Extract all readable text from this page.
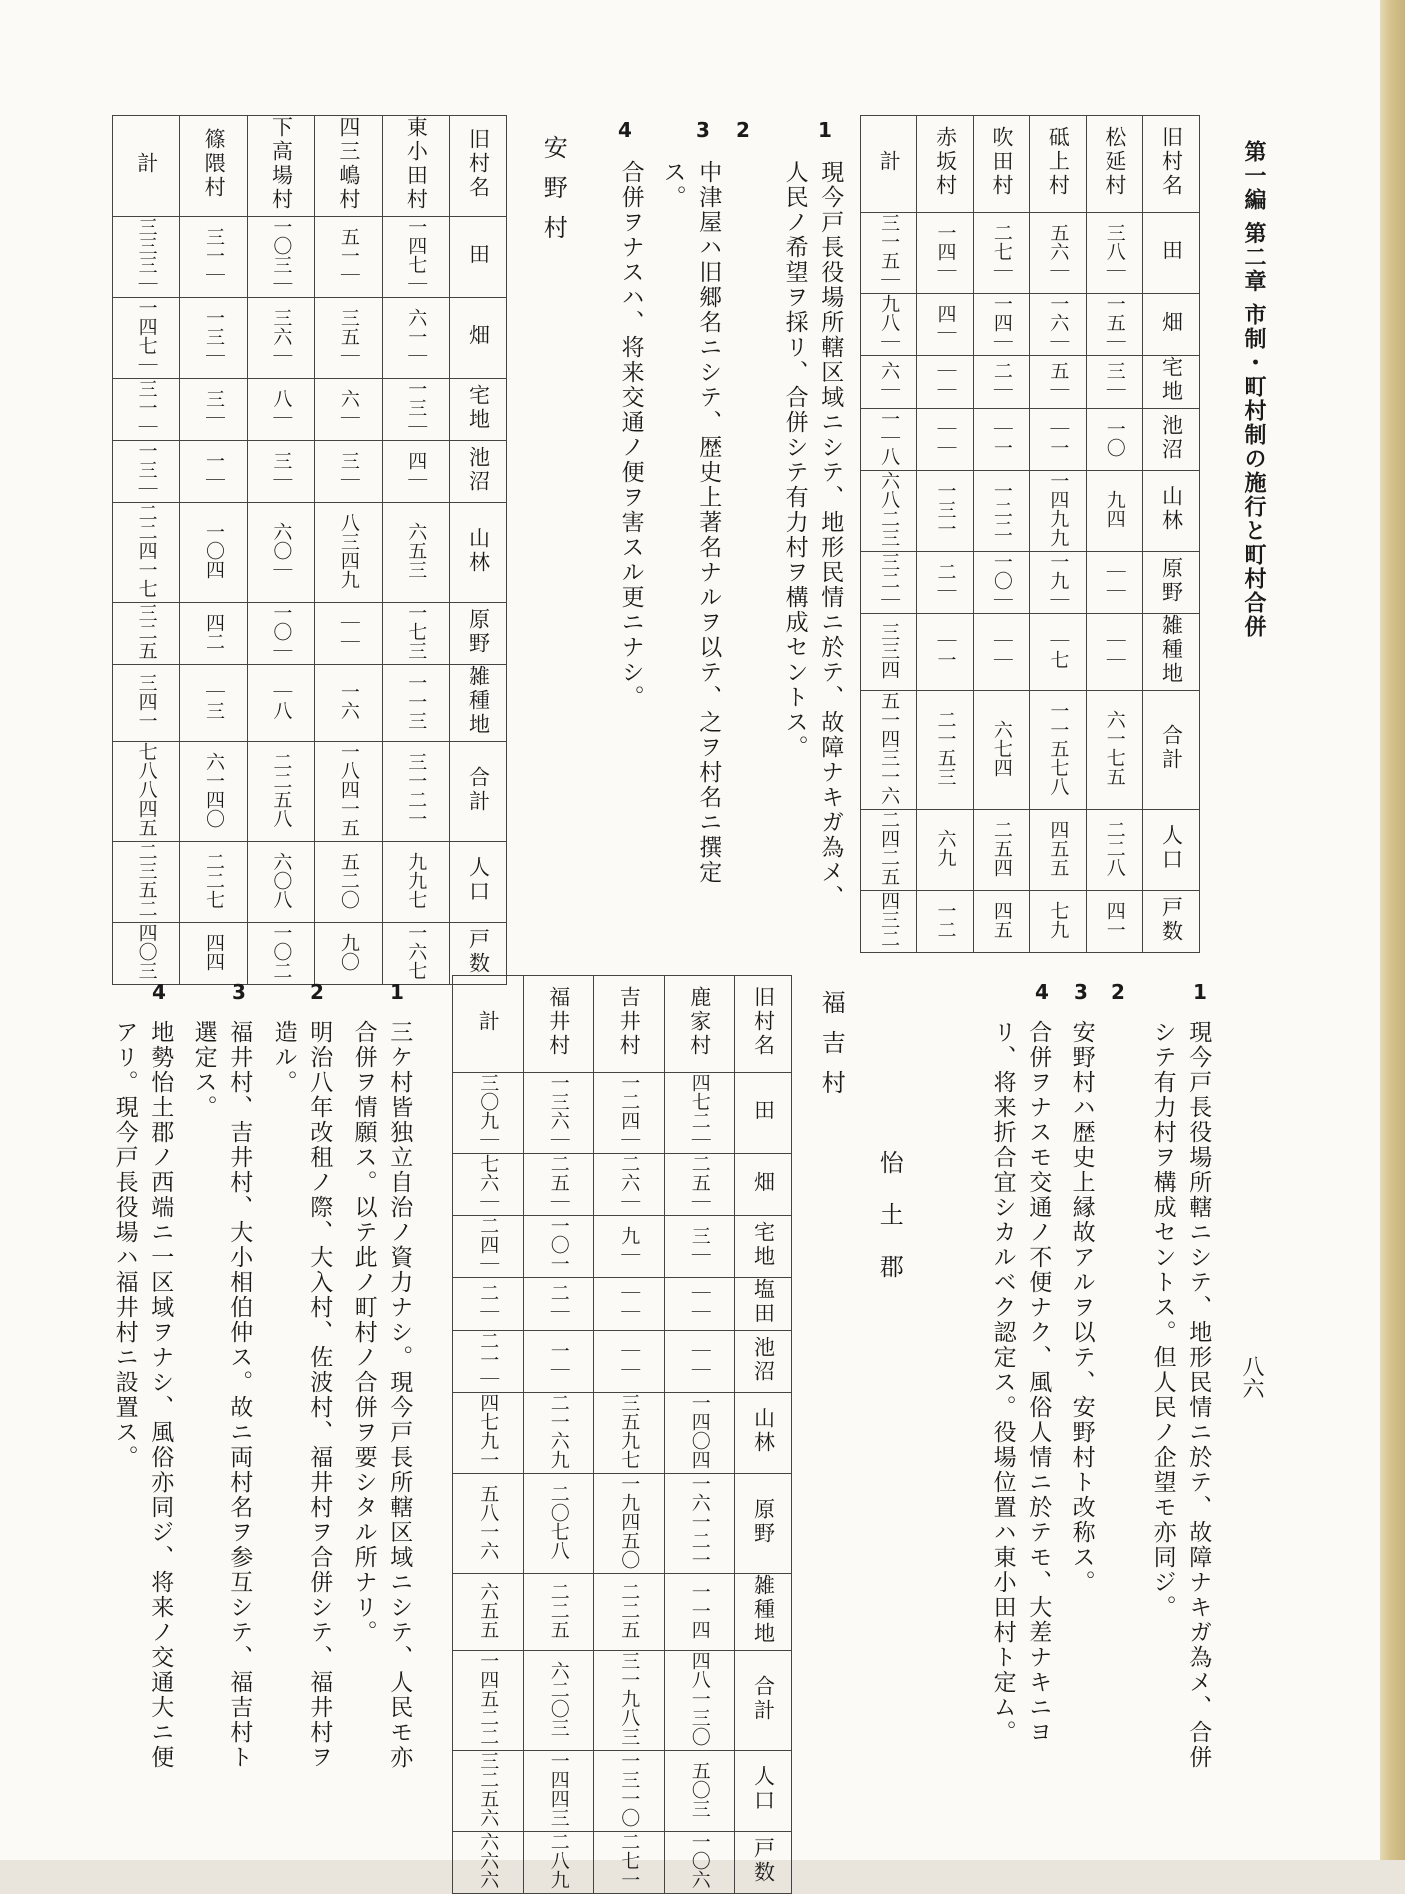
第一編 第二章 市制・町村制の施行と町村合併
八六
計	赤坂村	吹田村	砥上村	松延村	旧村名
三一五｜	一四｜	二七｜	五六｜	三八｜	田
九八｜	四｜	一四｜	一六｜	一五｜	畑
六｜	｜｜	二｜	五｜	三｜	宅地
一｜八	｜｜	｜一	｜一	一〇	池沼
六八二三	一三一	一二二	一四九九	九四	山林
三二｜	二｜	一〇｜	一九｜	｜｜	原野
三三四	｜一	｜｜	｜七	｜｜	雑種地
五一四三一六	二一五三	六七四	一一五七八	六一七五	合計
二四二五	六九	二五四	四五五	二二八	人口
四三二	一二	四五	七九	四一	戸数
1
現今戸長役場所轄区域ニシテ、地形民情ニ於テ、故障ナキガ為メ、人民ノ希望ヲ採リ、合併シテ有力村ヲ構成セントス。
2
3
中津屋ハ旧郷名ニシテ、歴史上著名ナルヲ以テ、之ヲ村名ニ撰定ス。
4
合併ヲナスハ、将来交通ノ便ヲ害スル更ニナシ。
安野村
計	篠隈村	下高場村	四三嶋村	東小田村	旧村名
三三三｜	三一｜	一〇三｜	五一｜	一四七｜	田
一四七｜	一三｜	三六｜	三五｜	六一｜	畑
三一｜	三｜	八｜	六｜	一三｜	宅地
一三｜	一｜	三｜	三｜	四｜	池沼
二二四一七	一〇四	六〇｜	八三四九	六五三	山林
三二五	四二	一〇｜	｜｜	一七三	原野
三四一	｜三	｜八	一六	一一三	雑種地
七八八四五	六一四〇	二二五八	一八四一五	三一二一	合計
二三五二	二二七	六〇八	五二〇	九九七	人口
四〇三	四四	一〇二	九〇	一六七	戸数
1
現今戸長役場所轄ニシテ、地形民情ニ於テ、故障ナキガ為メ、合併シテ有力村ヲ構成セントス。但人民ノ企望モ亦同ジ。
2
3
安野村ハ歴史上縁故アルヲ以テ、安野村ト改称ス。
4
合併ヲナスモ交通ノ不便ナク、風俗人情ニ於テモ、大差ナキニヨリ、将来折合宜シカルベク認定ス。役場位置ハ東小田村ト定ム。
怡土郡
福吉村
計	福井村	吉井村	鹿家村	旧村名
三〇九｜	一三六｜	一二四｜	四七二｜	田
七六｜	二五｜	二六｜	二五｜	畑
二四｜	一〇一	九｜	三｜	宅地
二｜	二｜	｜｜	｜｜	塩田
二一｜	一｜	｜｜	｜｜	池沼
四七九一	二一六九	三五九七	一四〇四	山林
五八一六	二〇七八	一九四五〇	一六一二一	原野
六五五	二二五	二二五	一一四	雑種地
一四五二二	六二〇三	三一九八三	四八一三〇	合計
三二五六	一四四三	一三一〇	五〇三	人口
六六六	二八九	二七一	一〇六	戸数
1
三ケ村皆独立自治ノ資力ナシ。現今戸長所轄区域ニシテ、人民モ亦合併ヲ情願ス。以テ此ノ町村ノ合併ヲ要シタル所ナリ。
2
明治八年改租ノ際、大入村、佐波村、福井村ヲ合併シテ、福井村ヲ造ル。
3
福井村、吉井村、大小相伯仲ス。故ニ両村名ヲ参互シテ、福吉村ト選定ス。
4
地勢怡土郡ノ西端ニ一区域ヲナシ、風俗亦同ジ、将来ノ交通大ニ便アリ。現今戸長役場ハ福井村ニ設置ス。
